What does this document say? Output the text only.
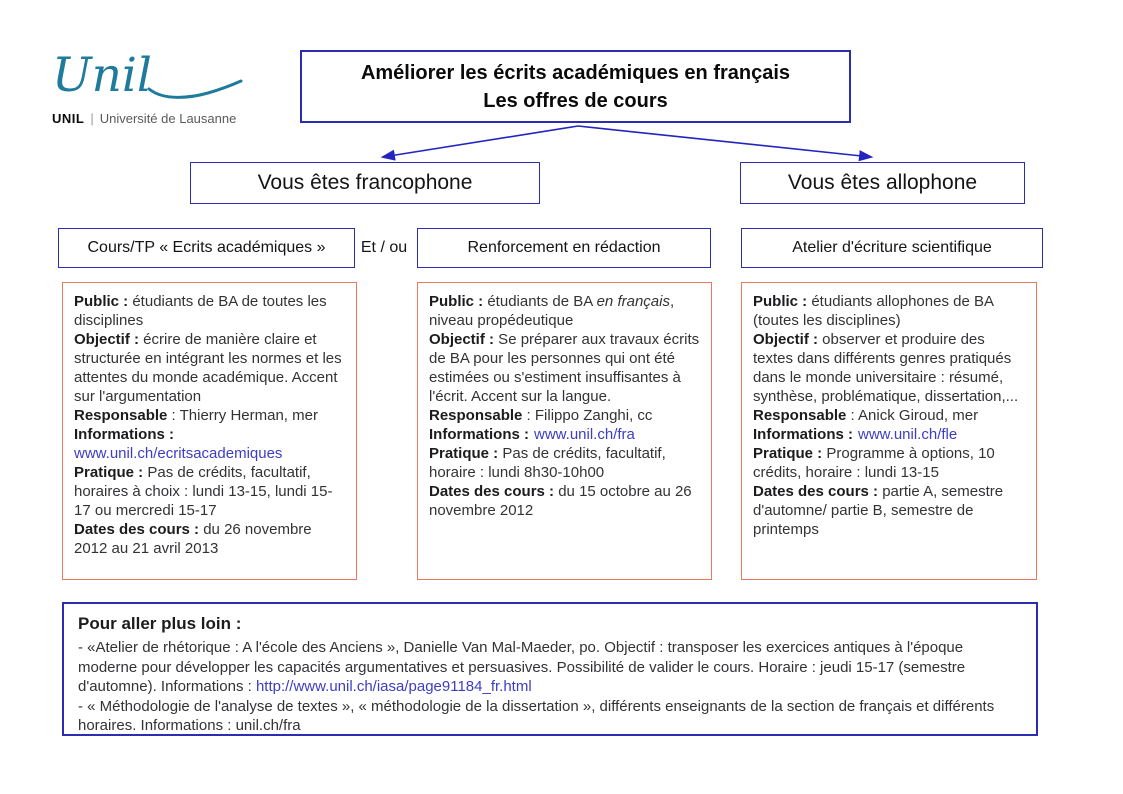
Unil
UNIL | Université de Lausanne
Améliorer les écrits académiques en français
Les offres de cours
Vous êtes francophone	Vous êtes allophone
Cours/TP « Ecrits académiques » Et / ou	Renforcement en rédaction	Atelier d'écriture scientifique
Public : étudiants de BA de toutes les disciplines
Objectif : écrire de manière claire et structurée en intégrant les normes et les attentes du monde académique. Accent sur l'argumentation
Responsable : Thierry Herman, mer
Informations :
www.unil.ch/ecritsacademiques
Pratique : Pas de crédits, facultatif, horaires à choix : lundi 13-15, lundi 15-17 ou mercredi 15-17
Dates des cours : du 26 novembre 2012 au 21 avril 2013
Public : étudiants de BA en français, niveau propédeutique
Objectif : Se préparer aux travaux écrits de BA pour les personnes qui ont été estimées ou s'estiment insuffisantes à l'écrit. Accent sur la langue.
Responsable : Filippo Zanghi, cc
Informations : www.unil.ch/fra
Pratique : Pas de crédits, facultatif, horaire : lundi 8h30-10h00
Dates des cours : du 15 octobre au 26 novembre 2012
Public : étudiants allophones de BA (toutes les disciplines)
Objectif : observer et produire des textes dans différents genres pratiqués dans le monde universitaire : résumé, synthèse, problématique, dissertation,...
Responsable : Anick Giroud, mer
Informations : www.unil.ch/fle
Pratique : Programme à options, 10 crédits, horaire : lundi 13-15
Dates des cours : partie A, semestre d'automne/ partie B, semestre de printemps
Pour aller plus loin :
- «Atelier de rhétorique : A l'école des Anciens », Danielle Van Mal-Maeder, po. Objectif : transposer les exercices antiques à l'époque moderne pour développer les capacités argumentatives et persuasives. Possibilité de valider le cours. Horaire : jeudi 15-17 (semestre d'automne). Informations : http://www.unil.ch/iasa/page91184_fr.html
- « Méthodologie de l'analyse de textes », « méthodologie de la dissertation », différents enseignants de la section de français et différents horaires. Informations : unil.ch/fra
